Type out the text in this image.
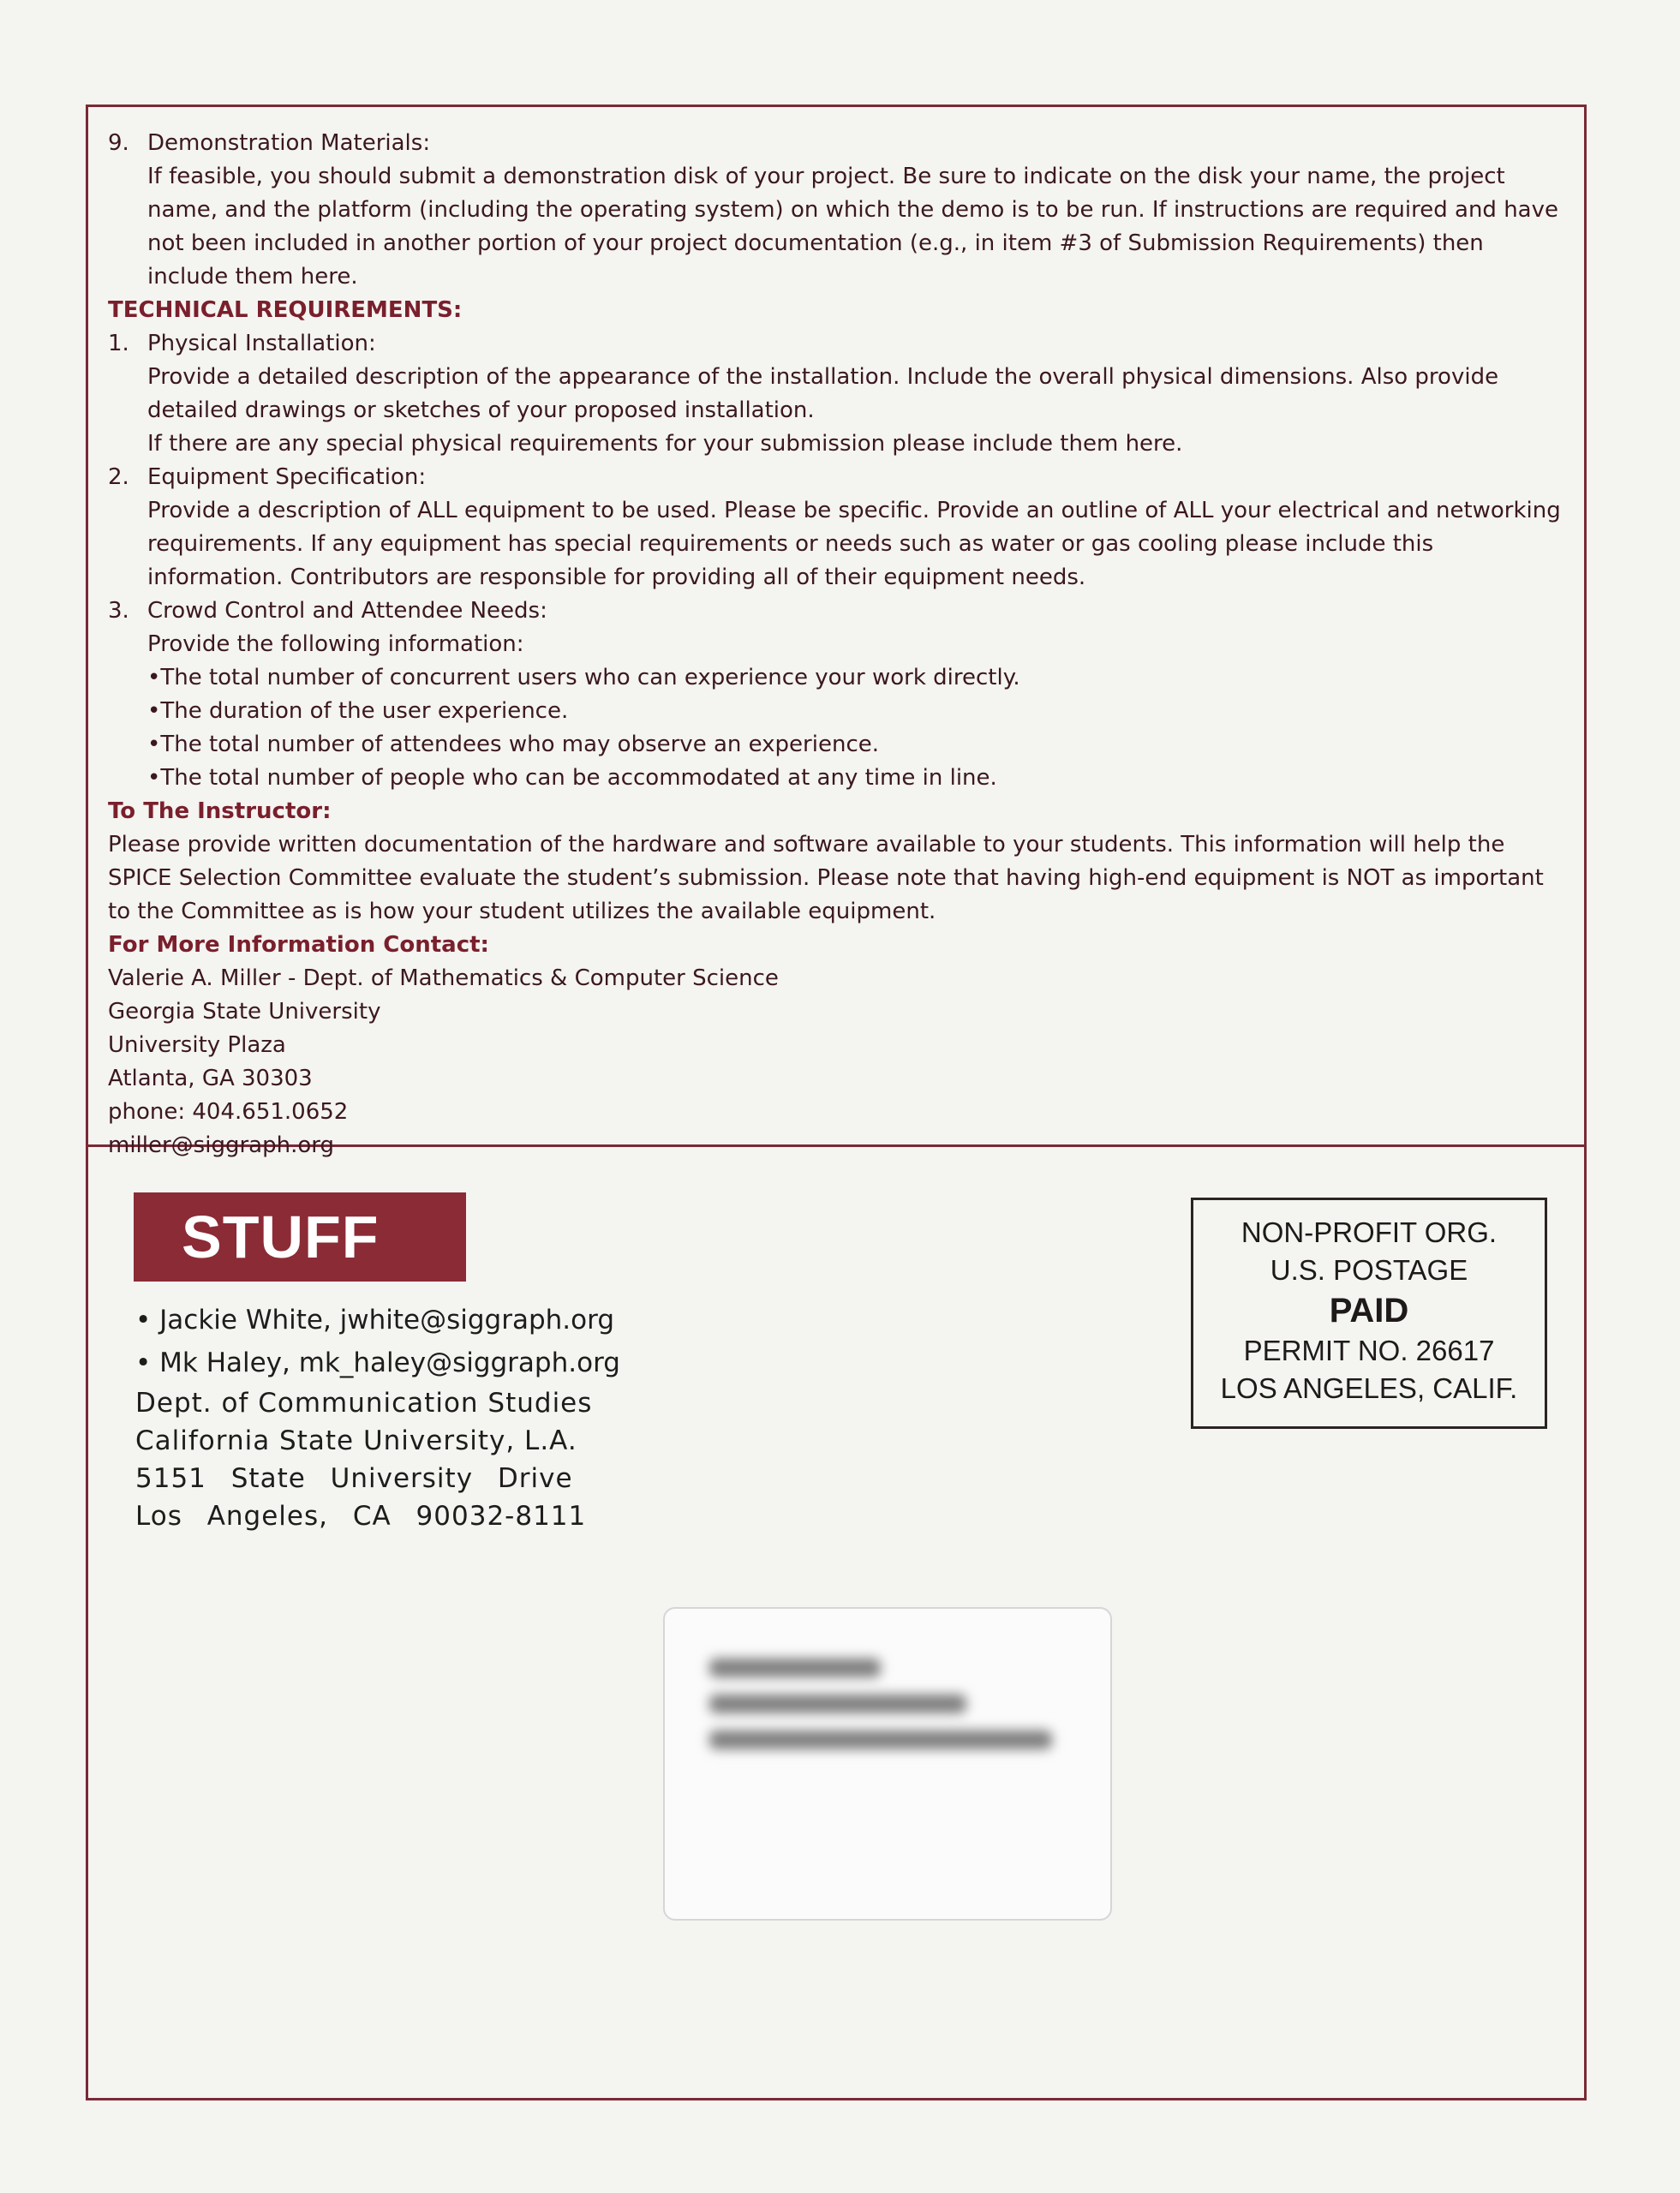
9. Demonstration Materials:

If feasible, you should submit a demonstration disk of your project. Be sure to indicate on the disk your name, the project name, and the platform (including the operating system) on which the demo is to be run. If instructions are required and have not been included in another portion of your project documentation (e.g., in item #3 of Submission Requirements) then include them here.

TECHNICAL REQUIREMENTS:

1. Physical Installation:

Provide a detailed description of the appearance of the installation. Include the overall physical dimensions. Also provide detailed drawings or sketches of your proposed installation.

If there are any special physical requirements for your submission please include them here.

2. Equipment Specification:

Provide a description of ALL equipment to be used. Please be specific. Provide an outline of ALL your electrical and networking requirements. If any equipment has special requirements or needs such as water or gas cooling please include this information. Contributors are responsible for providing all of their equipment needs.

3. Crowd Control and Attendee Needs:

Provide the following information:

•The total number of concurrent users who can experience your work directly.

•The duration of the user experience.

•The total number of attendees who may observe an experience.

•The total number of people who can be accommodated at any time in line.

To The Instructor:

Please provide written documentation of the hardware and software available to your students. This information will help the SPICE Selection Committee evaluate the student’s submission. Please note that having high-end equipment is NOT as important to the Committee as is how your student utilizes the available equipment.

For More Information Contact:

Valerie A. Miller - Dept. of Mathematics & Computer Science

Georgia State University

University Plaza

Atlanta, GA 30303

phone: 404.651.0652

miller@siggraph.org

STUFF
• Jackie White, jwhite@siggraph.org
• Mk Haley, mk_haley@siggraph.org
Dept. of Communication Studies
California State University, L.A.
5151 State University Drive
Los Angeles, CA 90032-8111
NON-PROFIT ORG.
U.S. POSTAGE
PAID
PERMIT NO. 26617
LOS ANGELES, CALIF.
